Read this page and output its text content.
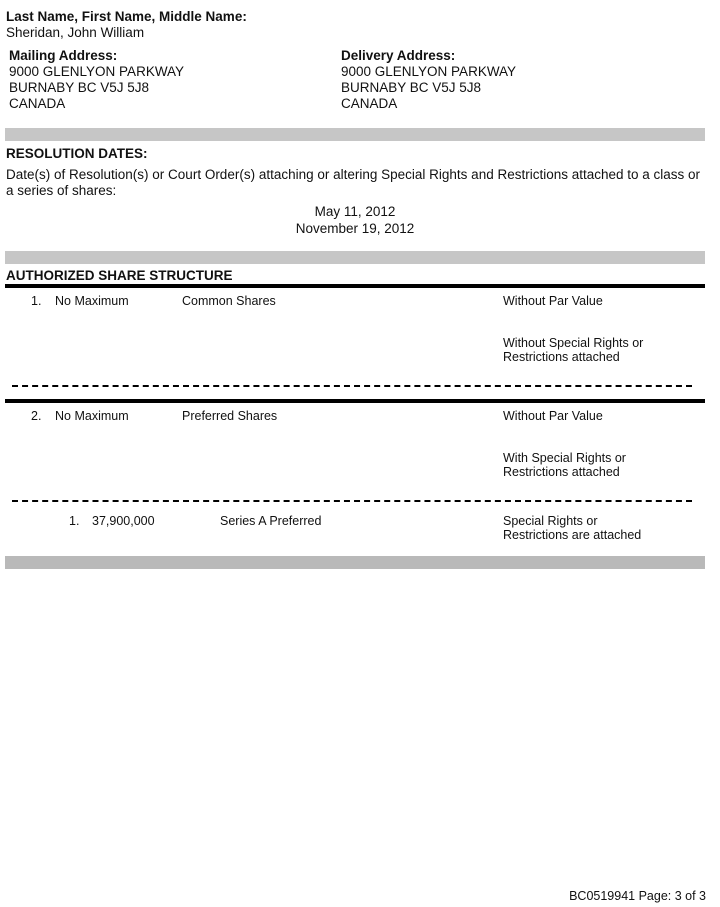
Last Name, First Name, Middle Name:
Sheridan, John William
Mailing Address:
9000 GLENLYON PARKWAY
BURNABY BC V5J 5J8
CANADA
Delivery Address:
9000 GLENLYON PARKWAY
BURNABY BC V5J 5J8
CANADA
RESOLUTION DATES:
Date(s) of Resolution(s) or Court Order(s) attaching or altering Special Rights and Restrictions attached to a class or
a series of shares:
May 11, 2012
November 19, 2012
AUTHORIZED SHARE STRUCTURE
1. No Maximum	Common Shares	Without Par Value
Without Special Rights or
Restrictions attached
2. No Maximum	Preferred Shares	Without Par Value
With Special Rights or
Restrictions attached
1. 37,900,000	Series A Preferred	Special Rights or
Restrictions are attached
BC0519941 Page: 3 of 3
